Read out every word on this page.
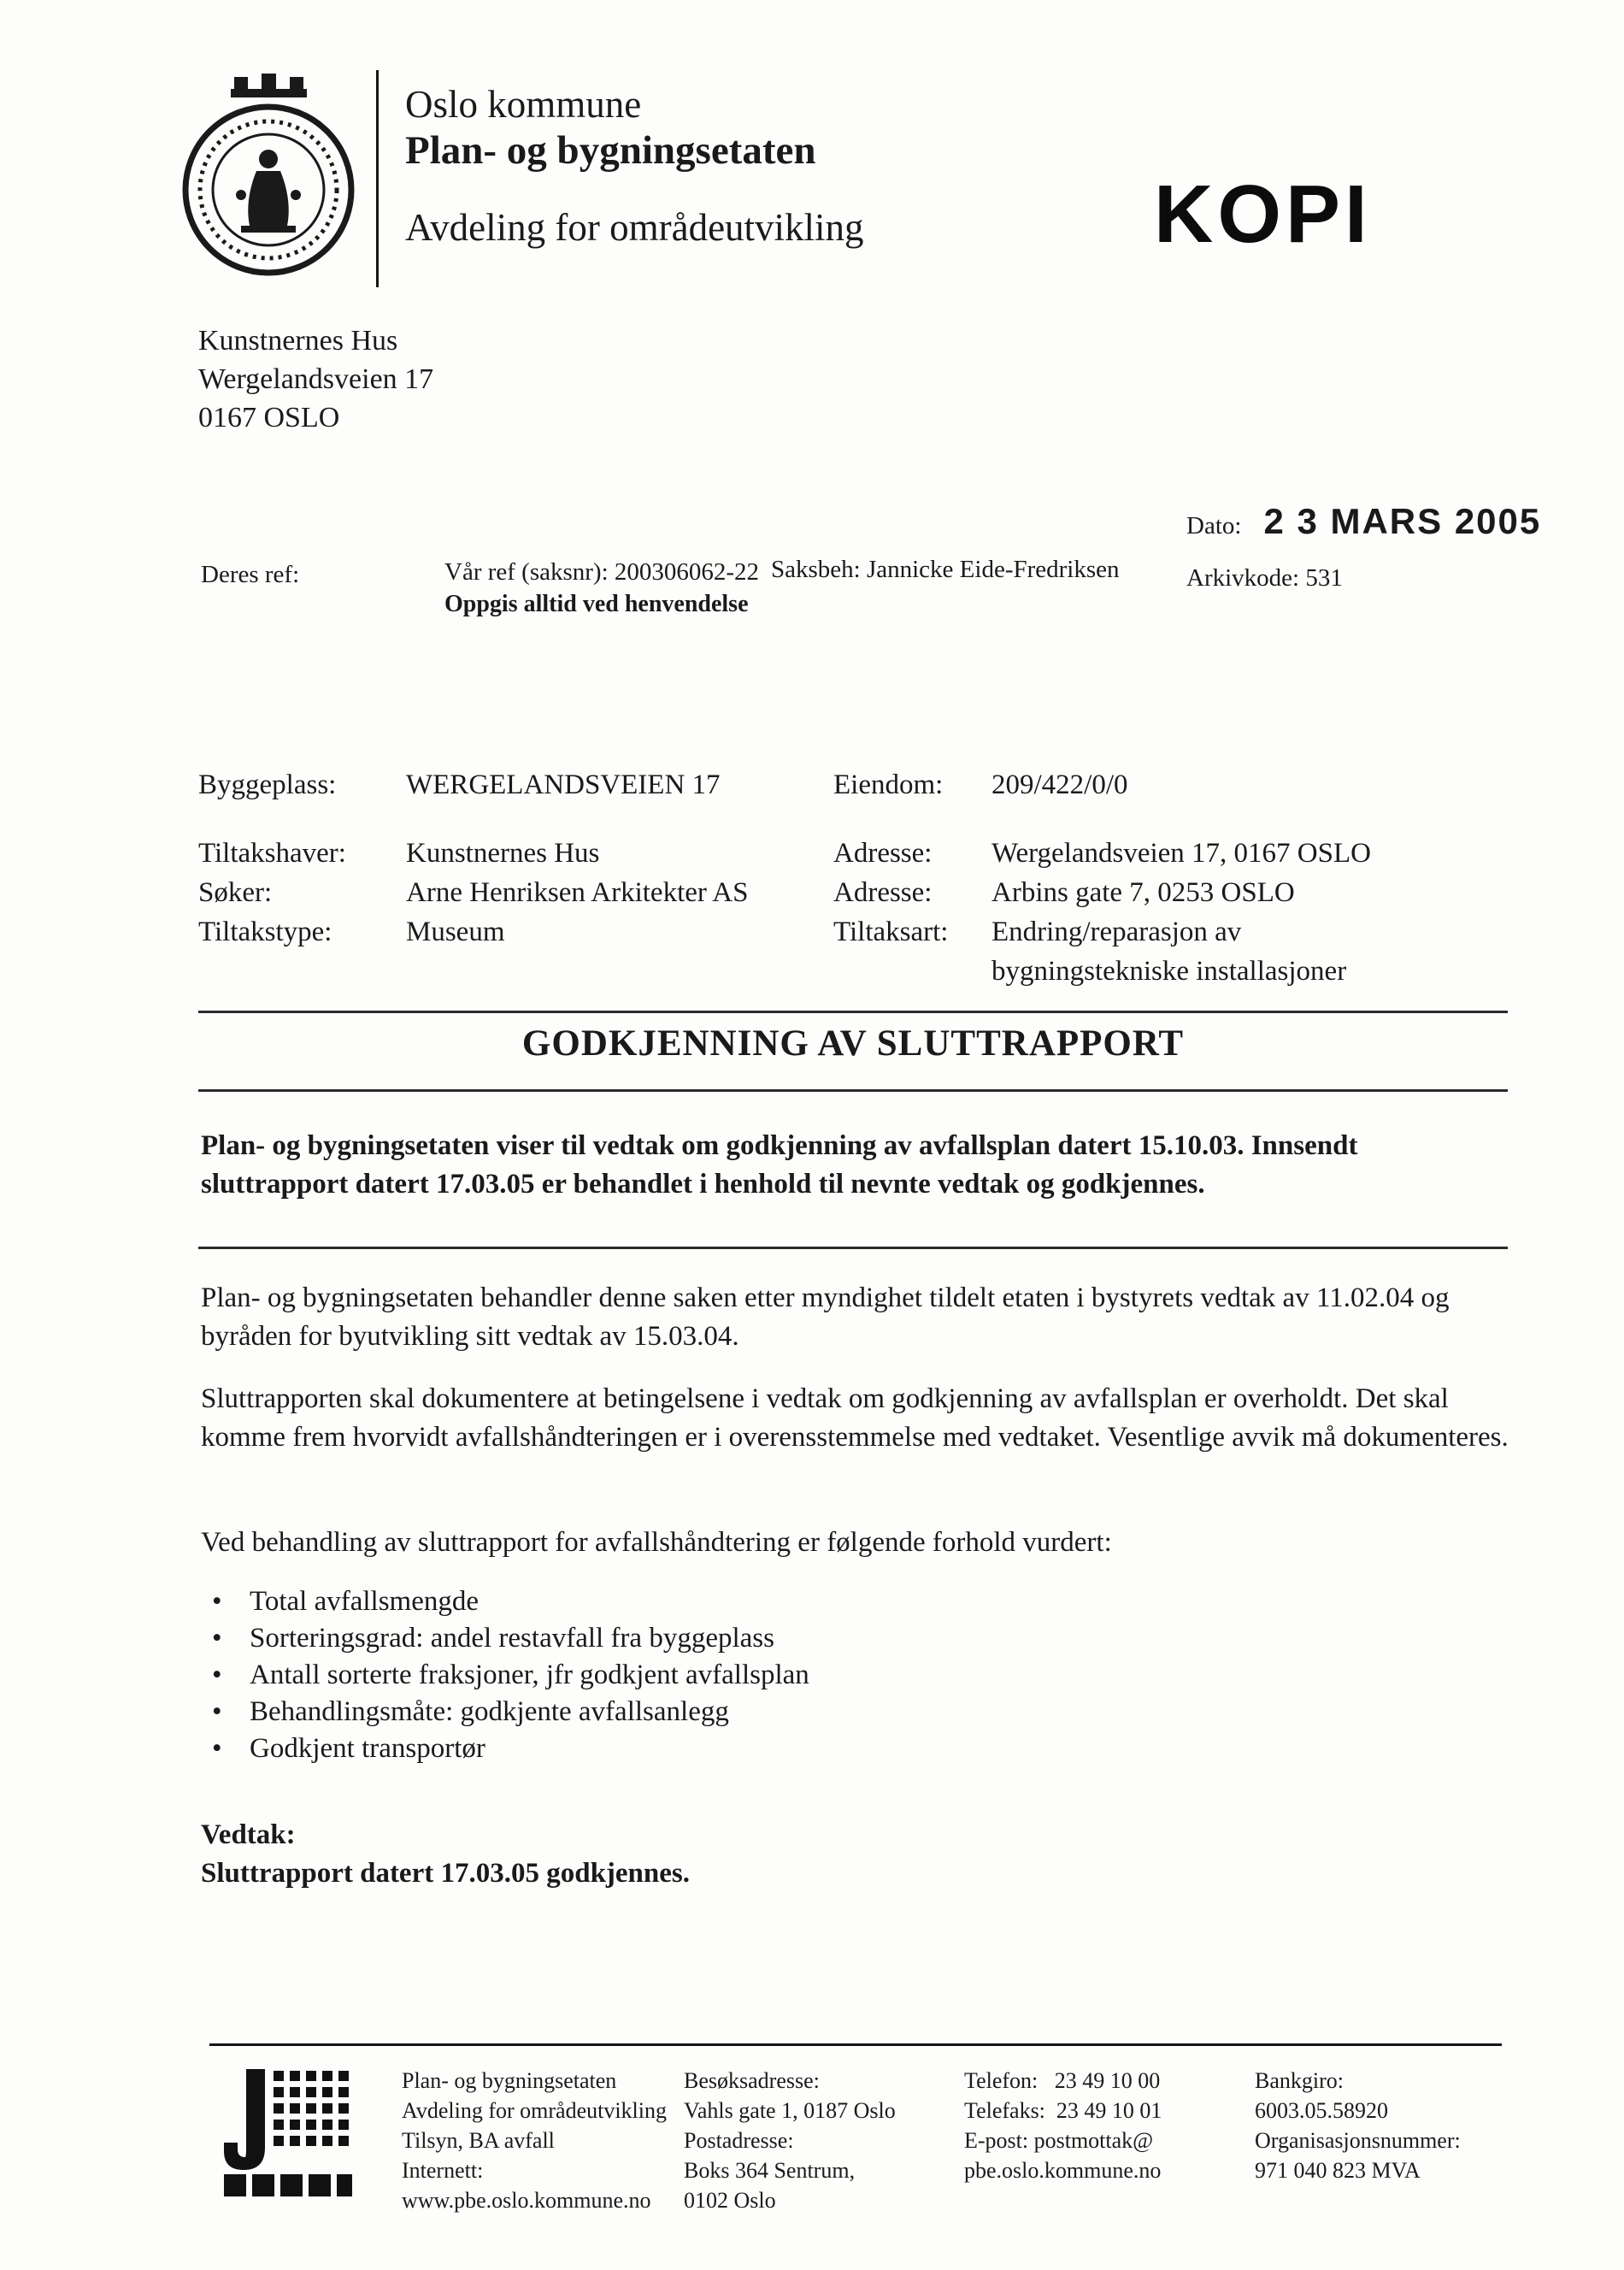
Oslo kommune
Plan- og bygningsetaten
Avdeling for områdeutvikling	KOPI
Kunstnernes Hus
Wergelandsveien 17
0167 OSLO
Dato: 2 3 MARS 2005
Deres ref:	Vår ref (saksnr): 200306062-22
Oppgis alltid ved henvendelse
Saksbeh: Jannicke Eide-Fredriksen	Arkivkode: 531
Byggeplass:	WERGELANDSVEIEN 17	Eiendom:	209/422/0/0
Tiltakshaver:	Kunstnernes Hus	Adresse:	Wergelandsveien 17, 0167 OSLO
Søker:	Arne Henriksen Arkitekter AS	Adresse:	Arbins gate 7, 0253 OSLO
Tiltakstype:	Museum	Tiltaksart:	Endring/reparasjon av bygningstekniske installasjoner
GODKJENNING AV SLUTTRAPPORT
Plan- og bygningsetaten viser til vedtak om godkjenning av avfallsplan datert 15.10.03. Innsendt sluttrapport datert 17.03.05 er behandlet i henhold til nevnte vedtak og godkjennes.
Plan- og bygningsetaten behandler denne saken etter myndighet tildelt etaten i bystyrets vedtak av 11.02.04 og byråden for byutvikling sitt vedtak av 15.03.04.
Sluttrapporten skal dokumentere at betingelsene i vedtak om godkjenning av avfallsplan er overholdt. Det skal komme frem hvorvidt avfallshåndteringen er i overensstemmelse med vedtaket. Vesentlige avvik må dokumenteres.
Ved behandling av sluttrapport for avfallshåndtering er følgende forhold vurdert:
• Total avfallsmengde
• Sorteringsgrad: andel restavfall fra byggeplass
• Antall sorterte fraksjoner, jfr godkjent avfallsplan
• Behandlingsmåte: godkjente avfallsanlegg
• Godkjent transportør
Vedtak:
Sluttrapport datert 17.03.05 godkjennes.
Plan- og bygningsetaten
Avdeling for områdeutvikling
Tilsyn, BA avfall
Internett:
www.pbe.oslo.kommune.no
Besøksadresse:
Vahls gate 1, 0187 Oslo
Postadresse:
Boks 364 Sentrum,
0102 Oslo
Telefon:   23 49 10 00
Telefaks:  23 49 10 01
E-post: postmottak@
pbe.oslo.kommune.no
Bankgiro:
6003.05.58920
Organisasjonsnummer:
971 040 823 MVA
